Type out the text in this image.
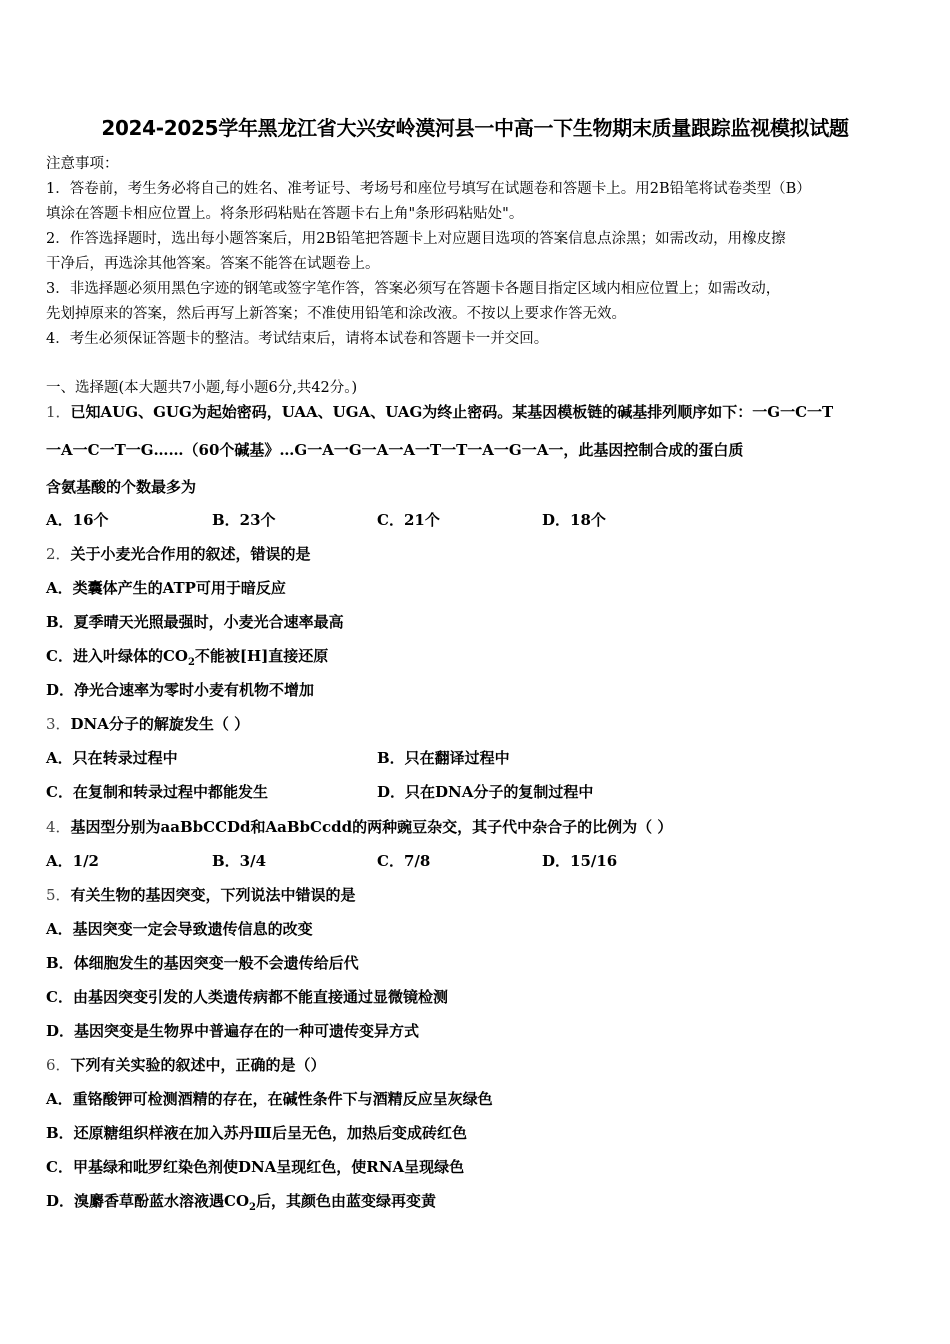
2024-2025学年黑龙江省大兴安岭漠河县一中高一下生物期末质量跟踪监视模拟试题
注意事项：
1．答卷前，考生务必将自己的姓名、准考证号、考场号和座位号填写在试题卷和答题卡上。用2B铅笔将试卷类型（B）
填涂在答题卡相应位置上。将条形码粘贴在答题卡右上角"条形码粘贴处"。
2．作答选择题时，选出每小题答案后，用2B铅笔把答题卡上对应题目选项的答案信息点涂黑；如需改动，用橡皮擦
干净后，再选涂其他答案。答案不能答在试题卷上。
3．非选择题必须用黑色字迹的钢笔或签字笔作答，答案必须写在答题卡各题目指定区域内相应位置上；如需改动，
先划掉原来的答案，然后再写上新答案；不准使用铅笔和涂改液。不按以上要求作答无效。
4．考生必须保证答题卡的整洁。考试结束后，请将本试卷和答题卡一并交回。
一、选择题(本大题共7小题,每小题6分,共42分。)
1．已知AUG、GUG为起始密码，UAA、UGA、UAG为终止密码。某基因模板链的碱基排列顺序如下：一G一C一T
一A一C一T一G……（60个碱基》…G一A一G一A一A一T一T一A一G一A一，此基因控制合成的蛋白质
含氨基酸的个数最多为
A．16个	B．23个	C．21个	D．18个
2．关于小麦光合作用的叙述，错误的是
A．类囊体产生的ATP可用于暗反应
B．夏季晴天光照最强时，小麦光合速率最高
C．进入叶绿体的$CO_2$不能被[H]直接还原
D．净光合速率为零时小麦有机物不增加
3．DNA分子的解旋发生（ ）
A．只在转录过程中	B．只在翻译过程中
C．在复制和转录过程中都能发生	D．只在DNA分子的复制过程中
4．基因型分别为aaBbCCDd和AaBbCcdd的两种豌豆杂交，其子代中杂合子的比例为（ ）
A．1/2	B．3/4	C．7/8	D．15/16
5．有关生物的基因突变，下列说法中错误的是
A．基因突变一定会导致遗传信息的改变
B．体细胞发生的基因突变一般不会遗传给后代
C．由基因突变引发的人类遗传病都不能直接通过显微镜检测
D．基因突变是生物界中普遍存在的一种可遗传变异方式
6．下列有关实验的叙述中，正确的是（）
A．重铬酸钾可检测酒精的存在，在碱性条件下与酒精反应呈灰绿色
B．还原糖组织样液在加入苏丹Ⅲ后呈无色，加热后变成砖红色
C．甲基绿和吡罗红染色剂使DNA呈现红色，使RNA呈现绿色
D．溴麝香草酚蓝水溶液遇$CO_2$后，其颜色由蓝变绿再变黄
